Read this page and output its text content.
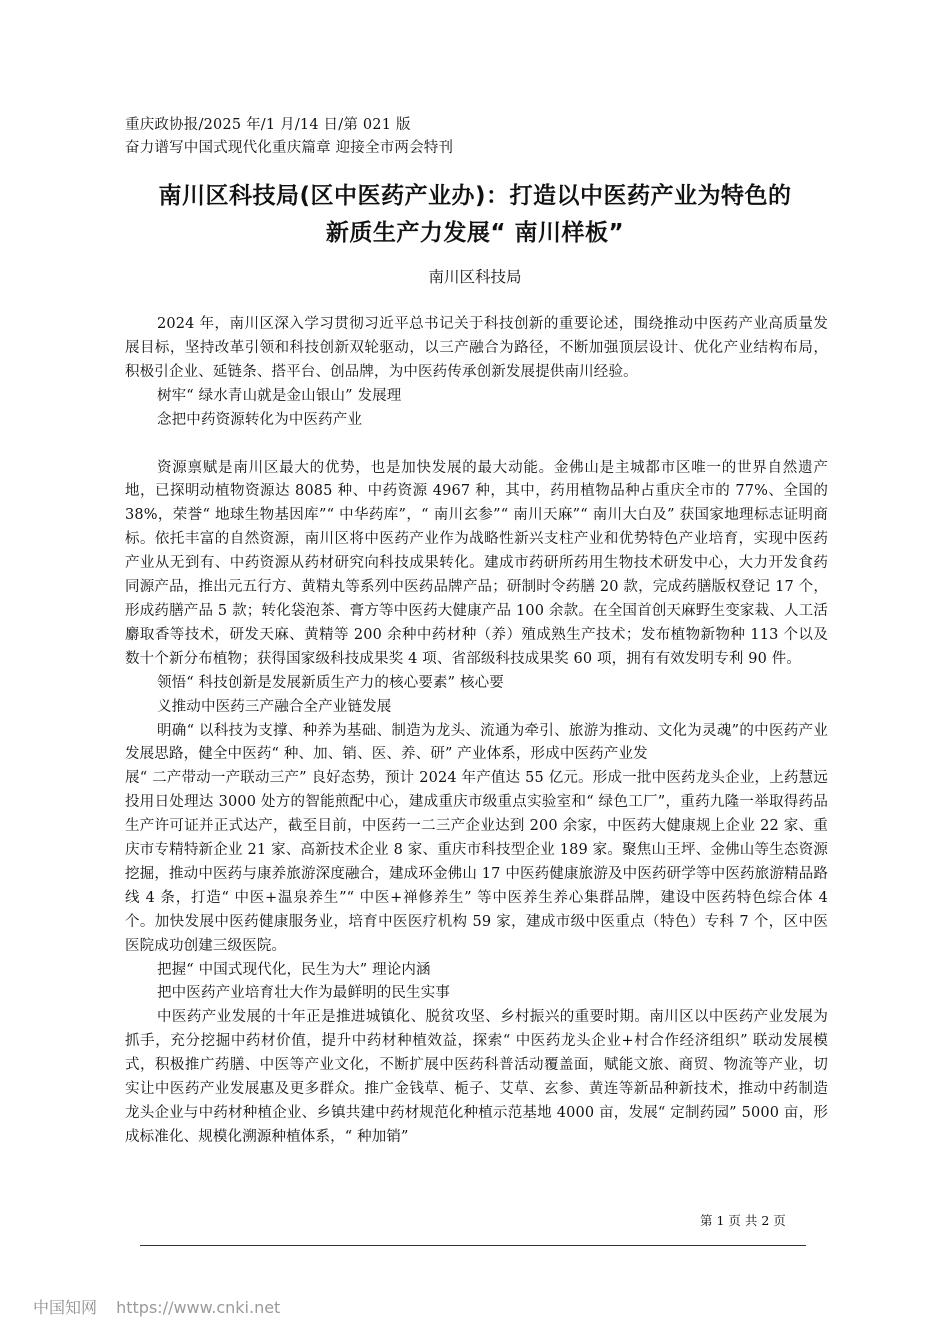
重庆政协报/2025 年/1 月/14 日/第 021 版
奋力谱写中国式现代化重庆篇章 迎接全市两会特刊
南川区科技局(区中医药产业办)：打造以中医药产业为特色的
新质生产力发展“ 南川样板”
南川区科技局

2024 年，南川区深入学习贯彻习近平总书记关于科技创新的重要论述，围绕推动中医药产业高质量发展目标，坚持改革引领和科技创新双轮驱动，以三产融合为路径，不断加强顶层设计、优化产业结构布局，积极引企业、延链条、搭平台、创品牌，为中医药传承创新发展提供南川经验。

树牢“ 绿水青山就是金山银山” 发展理

念把中药资源转化为中医药产业

资源禀赋是南川区最大的优势，也是加快发展的最大动能。金佛山是主城都市区唯一的世界自然遗产地，已探明动植物资源达 8085 种、中药资源 4967 种，其中，药用植物品种占重庆全市的 77%、全国的 38%，荣誉“ 地球生物基因库”“ 中华药库”，“ 南川玄参”“ 南川天麻”“ 南川大白及” 获国家地理标志证明商标。依托丰富的自然资源，南川区将中医药产业作为战略性新兴支柱产业和优势特色产业培育，实现中医药产业从无到有、中药资源从药材研究向科技成果转化。建成市药研所药用生物技术研发中心，大力开发食药同源产品，推出元五行方、黄精丸等系列中医药品牌产品；研制时令药膳 20 款，完成药膳版权登记 17 个，形成药膳产品 5 款；转化袋泡茶、膏方等中医药大健康产品 100 余款。在全国首创天麻野生变家栽、人工活麝取香等技术，研发天麻、黄精等 200 余种中药材种（养）殖成熟生产技术；发布植物新物种 113 个以及数十个新分布植物；获得国家级科技成果奖 4 项、省部级科技成果奖 60 项，拥有有效发明专利 90 件。

领悟“ 科技创新是发展新质生产力的核心要素” 核心要

义推动中医药三产融合全产业链发展

明确“ 以科技为支撑、种养为基础、制造为龙头、流通为牵引、旅游为推动、文化为灵魂”的中医药产业发展思路，健全中医药“ 种、加、销、医、养、研” 产业体系，形成中医药产业发

展“ 二产带动一产联动三产” 良好态势，预计 2024 年产值达 55 亿元。形成一批中医药龙头企业，上药慧远投用日处理达 3000 处方的智能煎配中心，建成重庆市级重点实验室和“ 绿色工厂”，重药九隆一举取得药品生产许可证并正式达产，截至目前，中医药一二三产企业达到 200 余家，中医药大健康规上企业 22 家、重庆市专精特新企业 21 家、高新技术企业 8 家、重庆市科技型企业 189 家。聚焦山王坪、金佛山等生态资源挖掘，推动中医药与康养旅游深度融合，建成环金佛山 17 中医药健康旅游及中医药研学等中医药旅游精品路线 4 条，打造“ 中医+温泉养生”“ 中医+禅修养生” 等中医养生养心集群品牌，建设中医药特色综合体 4 个。加快发展中医药健康服务业，培育中医医疗机构 59 家，建成市级中医重点（特色）专科 7 个，区中医医院成功创建三级医院。

把握“ 中国式现代化，民生为大” 理论内涵

把中医药产业培育壮大作为最鲜明的民生实事

中医药产业发展的十年正是推进城镇化、脱贫攻坚、乡村振兴的重要时期。南川区以中医药产业发展为抓手，充分挖掘中药材价值，提升中药材种植效益，探索“ 中医药龙头企业+村合作经济组织” 联动发展模式，积极推广药膳、中医等产业文化，不断扩展中医药科普活动覆盖面，赋能文旅、商贸、物流等产业，切实让中医药产业发展惠及更多群众。推广金钱草、栀子、艾草、玄参、黄连等新品种新技术，推动中药制造龙头企业与中药材种植企业、乡镇共建中药材规范化种植示范基地 4000 亩，发展“ 定制药园” 5000 亩，形成标准化、规模化溯源种植体系，“ 种加销”

第 1 页 共 2 页
中国知网 https://www.cnki.net
